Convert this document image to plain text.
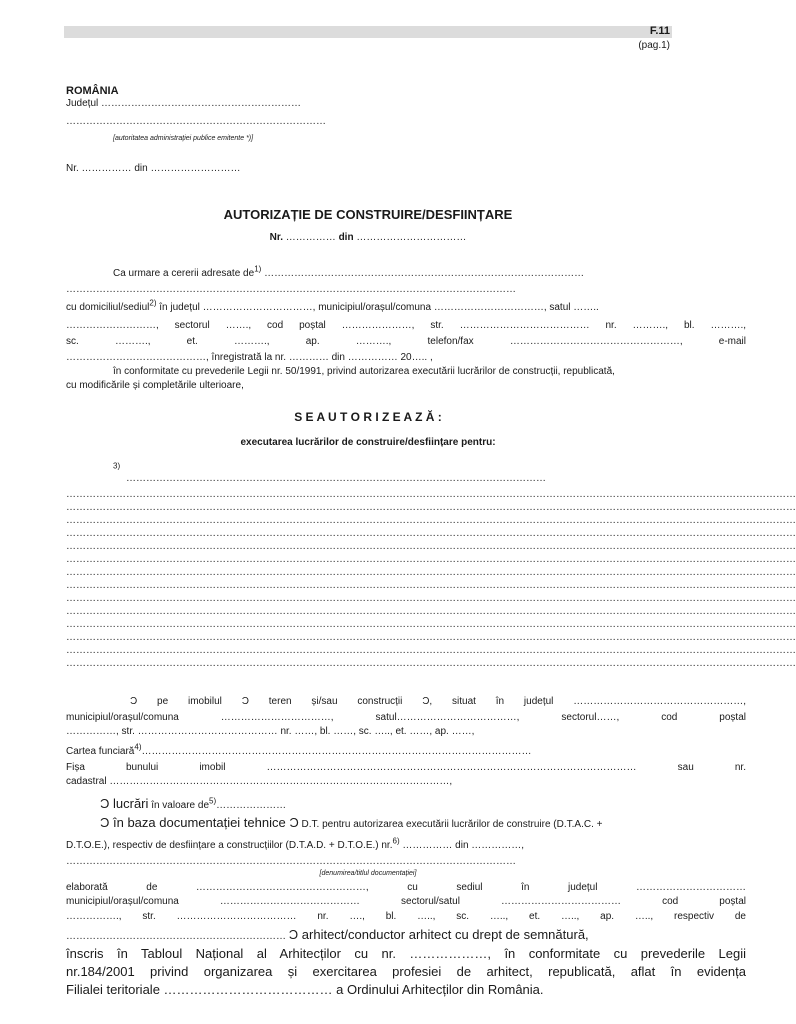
F.11
(pag.1)
ROMÂNIA
Județul ……………………………………………………
……………………………………………………………………
[autoritatea administrației publice emitente *)]
Nr. …………… din ………………………
AUTORIZAȚIE DE CONSTRUIRE/DESFIINȚARE
Nr. …………… din ……………………………
Ca urmare a cererii adresate $de^{1)}$ ……………………………………………………………………………………
………………………………………………………………………………………………………………………
cu domiciliul/sediul$^{2)}$ în județul ……………………………, municipiul/orașul/comuna ……………………………, satul ……..
………………………, sectorul ……., cod poștal …………………, str. ………………………………… nr. ………., bl. ……….,
sc. ………., et. ………., ap. ………., telefon/fax ……………………………………………, e-mail
……………………………………, înregistrată la nr. ………… din …………… 20….. ,
în conformitate cu prevederile Legii nr. 50/1991, privind autorizarea executării lucrărilor de construcții, republicată,
cu modificările și completările ulterioare,
S E A U T O R I Z E A Z Ă :
executarea lucrărilor de construire/desființare pentru:
$^{3)}$
………………………………………………………………………………………………………………
…………………………………………………………………………………………………………………………………………………………………………………………………
…………………………………………………………………………………………………………………………………………………………………………………………………
…………………………………………………………………………………………………………………………………………………………………………………………………
…………………………………………………………………………………………………………………………………………………………………………………………………
…………………………………………………………………………………………………………………………………………………………………………………………………
…………………………………………………………………………………………………………………………………………………………………………………………………
…………………………………………………………………………………………………………………………………………………………………………………………………
…………………………………………………………………………………………………………………………………………………………………………………………………
…………………………………………………………………………………………………………………………………………………………………………………………………
…………………………………………………………………………………………………………………………………………………………………………………………………
…………………………………………………………………………………………………………………………………………………………………………………………………
…………………………………………………………………………………………………………………………………………………………………………………………………
…………………………………………………………………………………………………………………………………………………………………………………………………
…………………………………………………………………………………………………………………………………………………………………………………………………
Ɔ pe imobilul Ɔ teren și/sau construcții Ɔ, situat în județul ……………………………………………,
municipiul/orașul/comuna ……………………………, satul………………………………, sectorul……, cod poștal
……………, str. …………………………………… nr. ……, bl. ……, sc. ….., et. ……, ap. ……,
Cartea funciară$^{4)}$………………………………………………………………………………………………………
Fișa bunului imobil ………………………………………………………………………………………………… sau nr.
cadastral …………………………………………………………………………………………,
Ɔ lucrări în valoare $de^{5)}\dots\dots\dots\dots\dots\dots\dots$
Ɔ în baza documentației tehnice Ɔ D.T. pentru autorizarea executării lucrărilor de construire (D.T.A.C. +
D.T.O.E.), respectiv de desființare a construcțiilor (D.T.A.D. + D.T.O.E.) nr.$^{6)}$ …………… din ……………,
………………………………………………………………………………………………………………………
[denumirea/titlul documentației]
elaborată de ……………………………………………, cu sediul în județul ……………………………
municipiul/orașul/comuna …………………………………… sectorul/satul ……………………………… cod poștal
……………., str. ……………………………… nr. …., bl. ….., sc. ….., et. ….., ap. ….., respectiv de
………………………………………………………… Ɔ arhitect/conductor arhitect cu drept de semnătură,
înscris în Tabloul Național al Arhitecților cu nr. ………………, în conformitate cu prevederile Legii
nr.184/2001 privind organizarea și exercitarea profesiei de arhitect, republicată, aflat în evidența
Filialei teritoriale ………………………………… a Ordinului Arhitecților din România.
